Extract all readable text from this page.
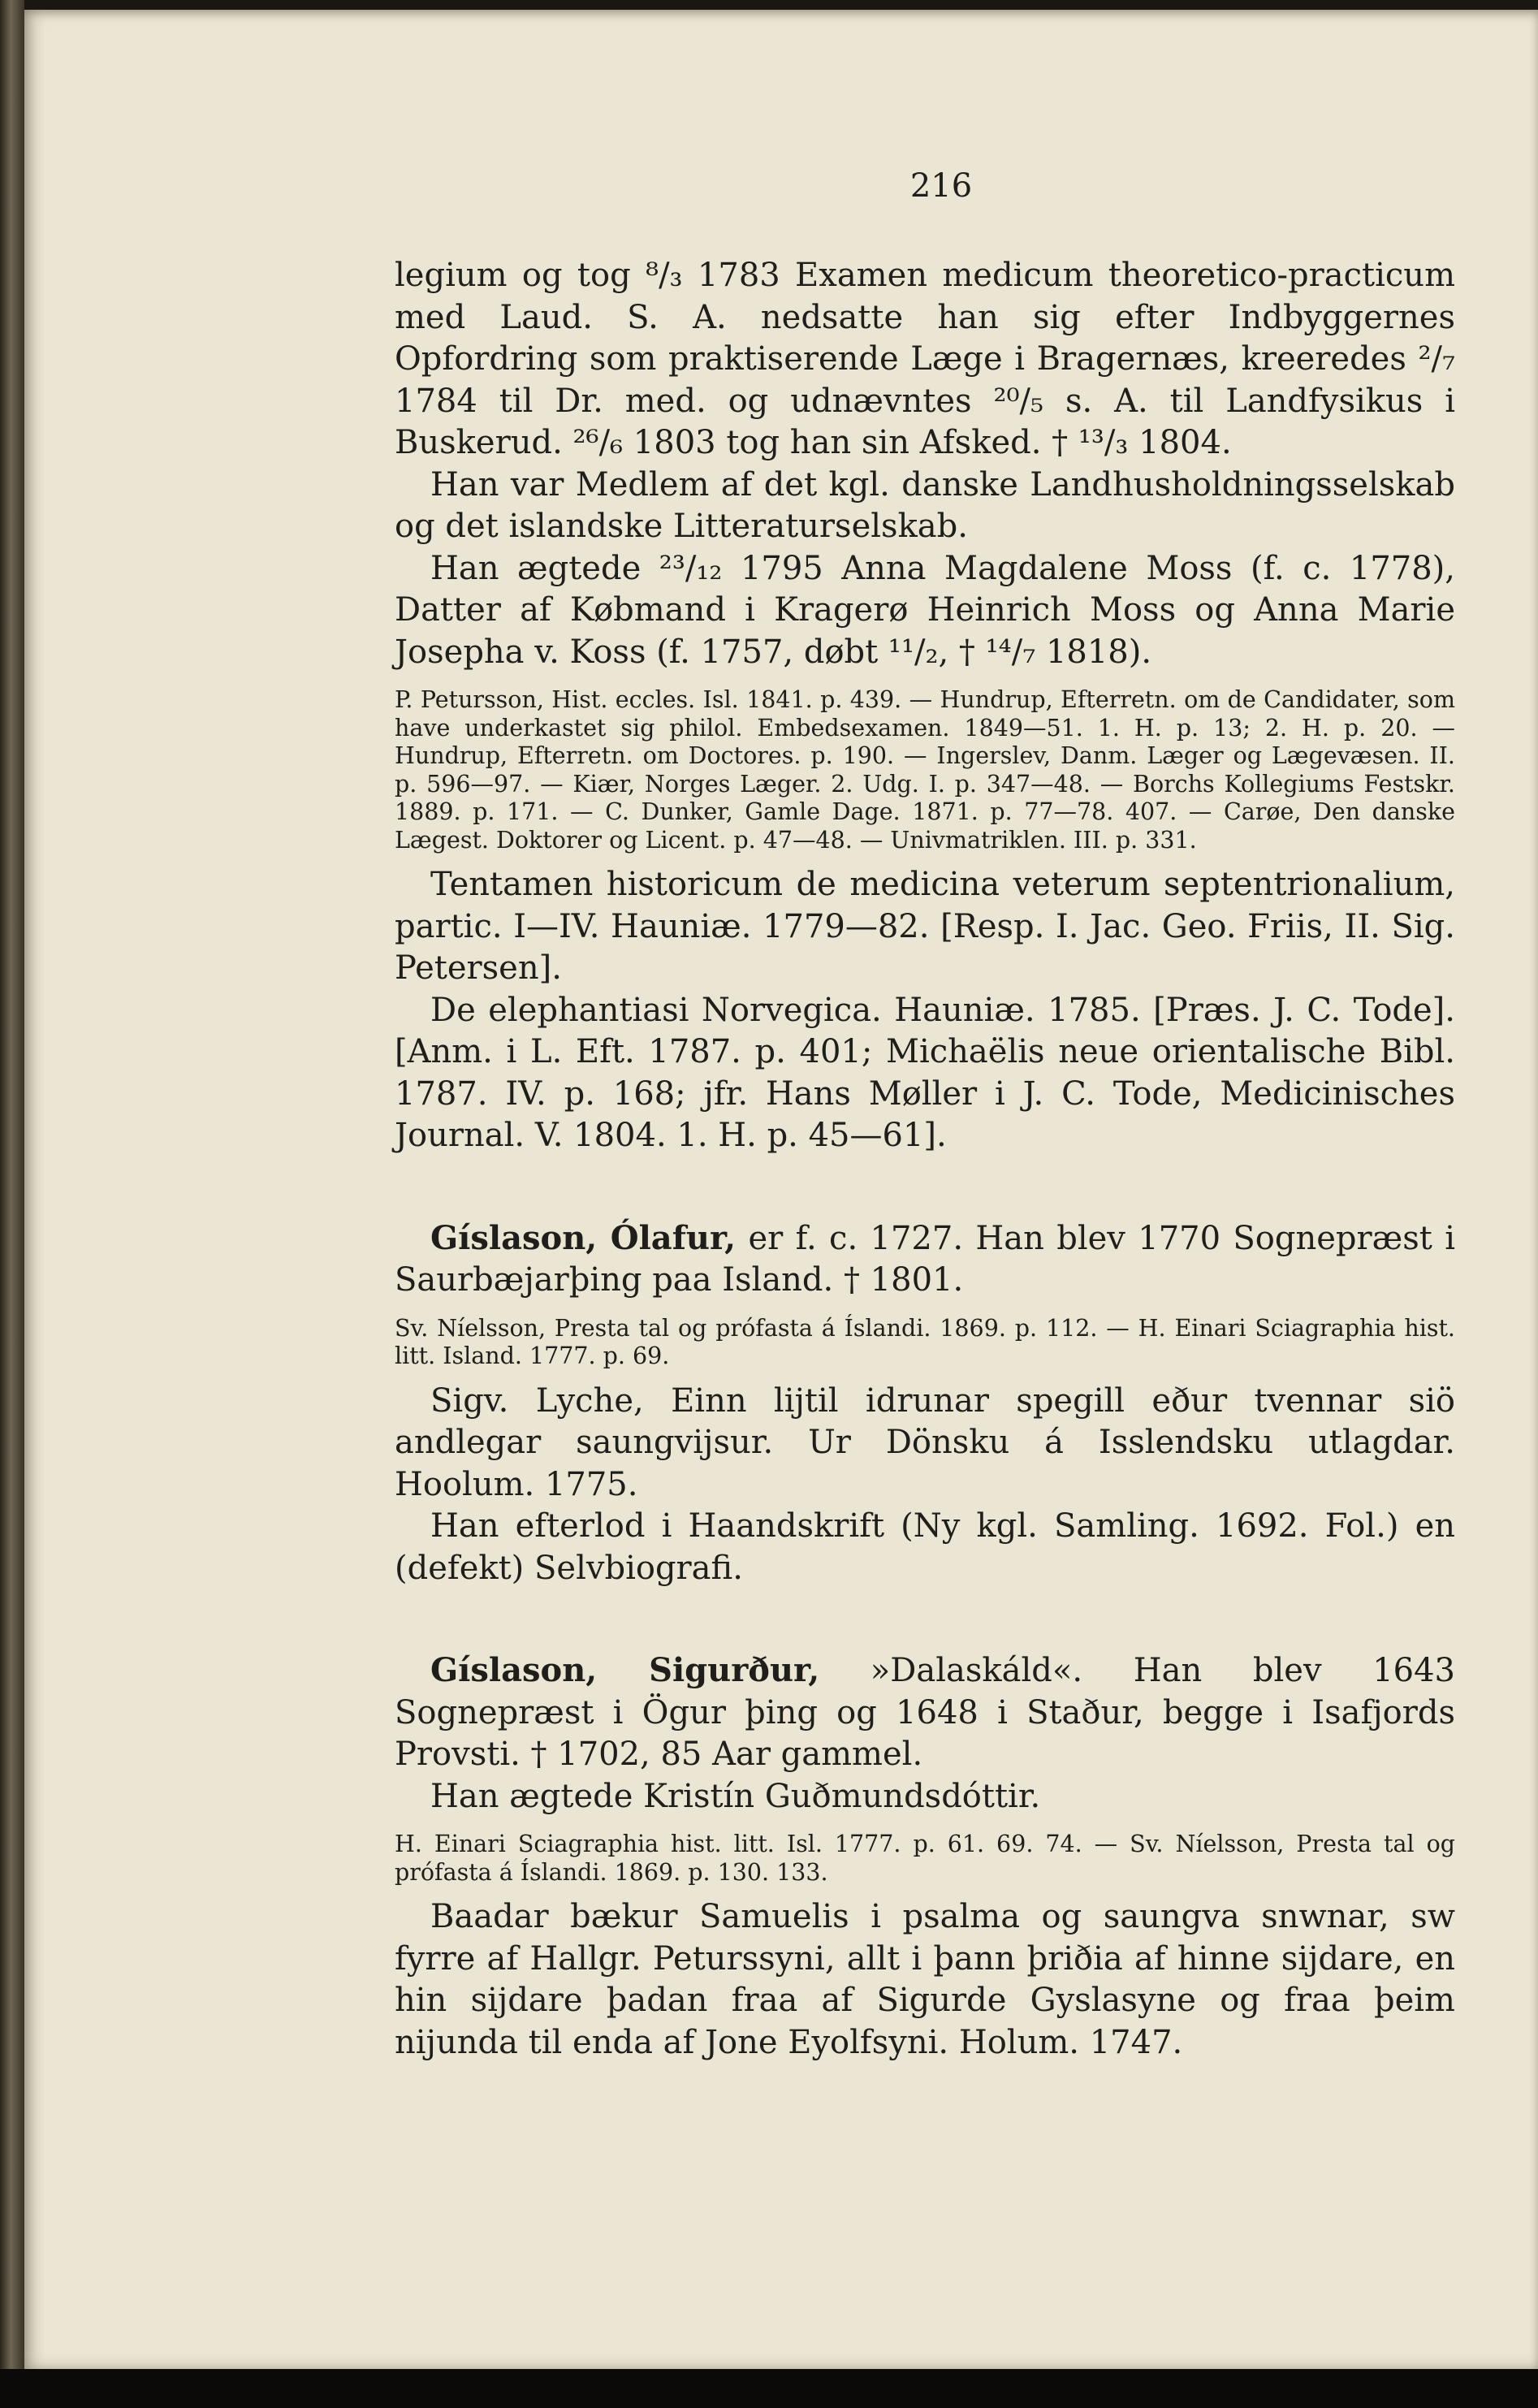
216

legium og tog ⁸/₃ 1783 Examen medicum theoretico-practicum med Laud. S. A. nedsatte han sig efter Indbyggernes Opfordring som praktiserende Læge i Bragernæs, kreeredes ²/₇ 1784 til Dr. med. og udnævntes ²⁰/₅ s. A. til Landfysikus i Buskerud. ²⁶/₆ 1803 tog han sin Afsked. † ¹³/₃ 1804.

Han var Medlem af det kgl. danske Landhusholdningsselskab og det islandske Litteraturselskab.

Han ægtede ²³/₁₂ 1795 Anna Magdalene Moss (f. c. 1778), Datter af Købmand i Kragerø Heinrich Moss og Anna Marie Josepha v. Koss (f. 1757, døbt ¹¹/₂, † ¹⁴/₇ 1818).

P. Petursson, Hist. eccles. Isl. 1841. p. 439. — Hundrup, Efterretn. om de Candidater, som have underkastet sig philol. Embedsexamen. 1849—51. 1. H. p. 13; 2. H. p. 20. — Hundrup, Efterretn. om Doctores. p. 190. — Ingerslev, Danm. Læger og Lægevæsen. II. p. 596—97. — Kiær, Norges Læger. 2. Udg. I. p. 347—48. — Borchs Kollegiums Festskr. 1889. p. 171. — C. Dunker, Gamle Dage. 1871. p. 77—78. 407. — Carøe, Den danske Lægest. Doktorer og Licent. p. 47—48. — Univmatriklen. III. p. 331.

Tentamen historicum de medicina veterum septentrionalium, partic. I—IV. Hauniæ. 1779—82. [Resp. I. Jac. Geo. Friis, II. Sig. Petersen].

De elephantiasi Norvegica. Hauniæ. 1785. [Præs. J. C. Tode]. [Anm. i L. Eft. 1787. p. 401; Michaëlis neue orientalische Bibl. 1787. IV. p. 168; jfr. Hans Møller i J. C. Tode, Medicinisches Journal. V. 1804. 1. H. p. 45—61].

Gíslason, Ólafur, er f. c. 1727. Han blev 1770 Sognepræst i Saurbæjarþing paa Island. † 1801.

Sv. Níelsson, Presta tal og prófasta á Íslandi. 1869. p. 112. — H. Einari Sciagraphia hist. litt. Island. 1777. p. 69.

Sigv. Lyche, Einn lijtil idrunar spegill eður tvennar siö andlegar saungvijsur. Ur Dönsku á Isslendsku utlagdar. Hoolum. 1775.

Han efterlod i Haandskrift (Ny kgl. Samling. 1692. Fol.) en (defekt) Selvbiografi.

Gíslason, Sigurður, »Dalaskáld«. Han blev 1643 Sognepræst i Ögur þing og 1648 i Staður, begge i Isafjords Provsti. † 1702, 85 Aar gammel.

Han ægtede Kristín Guðmundsdóttir.

H. Einari Sciagraphia hist. litt. Isl. 1777. p. 61. 69. 74. — Sv. Níelsson, Presta tal og prófasta á Íslandi. 1869. p. 130. 133.

Baadar bækur Samuelis i psalma og saungva snwnar, sw fyrre af Hallgr. Peturssyni, allt i þann þriðia af hinne sijdare, en hin sijdare þadan fraa af Sigurde Gyslasyne og fraa þeim nijunda til enda af Jone Eyolfsyni. Holum. 1747.
